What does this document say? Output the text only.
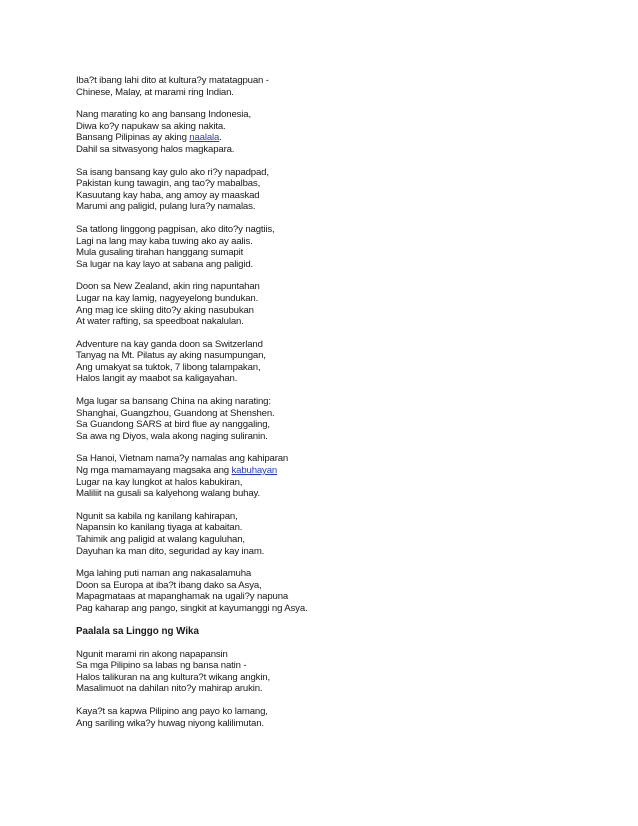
Iba?t ibang lahi dito at kultura?y matatagpuan -
Chinese, Malay, at marami ring Indian.
Nang marating ko ang bansang Indonesia,
Diwa ko?y napukaw sa aking nakita.
Bansang Pilipinas ay aking naalala.
Dahil sa sitwasyong halos magkapara.
Sa isang bansang kay gulo ako ri?y napadpad,
Pakistan kung tawagin, ang tao?y mabalbas,
Kasuutang kay haba, ang amoy ay maaskad
Marumi ang paligid, pulang lura?y namalas.
Sa tatlong linggong pagpisan, ako dito?y nagtiis,
Lagi na lang may kaba tuwing ako ay aalis.
Mula gusaling tirahan hanggang sumapit
Sa lugar na kay layo at sabana ang paligid.
Doon sa New Zealand, akin ring napuntahan
Lugar na kay lamig, nagyeyelong bundukan.
Ang mag ice skiing dito?y aking nasubukan
At water rafting, sa speedboat nakalulan.
Adventure na kay ganda doon sa Switzerland
Tanyag na Mt. Pilatus ay aking nasumpungan,
Ang umakyat sa tuktok, 7 libong talampakan,
Halos langit ay maabot sa kaligayahan.
Mga lugar sa bansang China na aking narating:
Shanghai, Guangzhou, Guandong at Shenshen.
Sa Guandong SARS at bird flue ay nanggaling,
Sa awa ng Diyos, wala akong naging suliranin.
Sa Hanoi, Vietnam nama?y namalas ang kahiparan
Ng mga mamamayang magsaka ang kabuhayan
Lugar na kay lungkot at halos kabukiran,
Maliliit na gusali sa kalyehong walang buhay.
Ngunit sa kabila ng kanilang kahirapan,
Napansin ko kanilang tiyaga at kabaitan.
Tahimik ang paligid at walang kaguluhan,
Dayuhan ka man dito, seguridad ay kay inam.
Mga lahing puti naman ang nakasalamuha
Doon sa Europa at iba?t ibang dako sa Asya,
Mapagmataas at mapanghamak na ugali?y napuna
Pag kaharap ang pango, singkit at kayumanggi ng Asya.
Paalala sa Linggo ng Wika
Ngunit marami rin akong napapansin
Sa mga Pilipino sa labas ng bansa natin -
Halos talikuran na ang kultura?t wikang angkin,
Masalimuot na dahilan nito?y mahirap arukin.
Kaya?t sa kapwa Pilipino ang payo ko lamang,
Ang sariling wika?y huwag niyong kalilimutan.
